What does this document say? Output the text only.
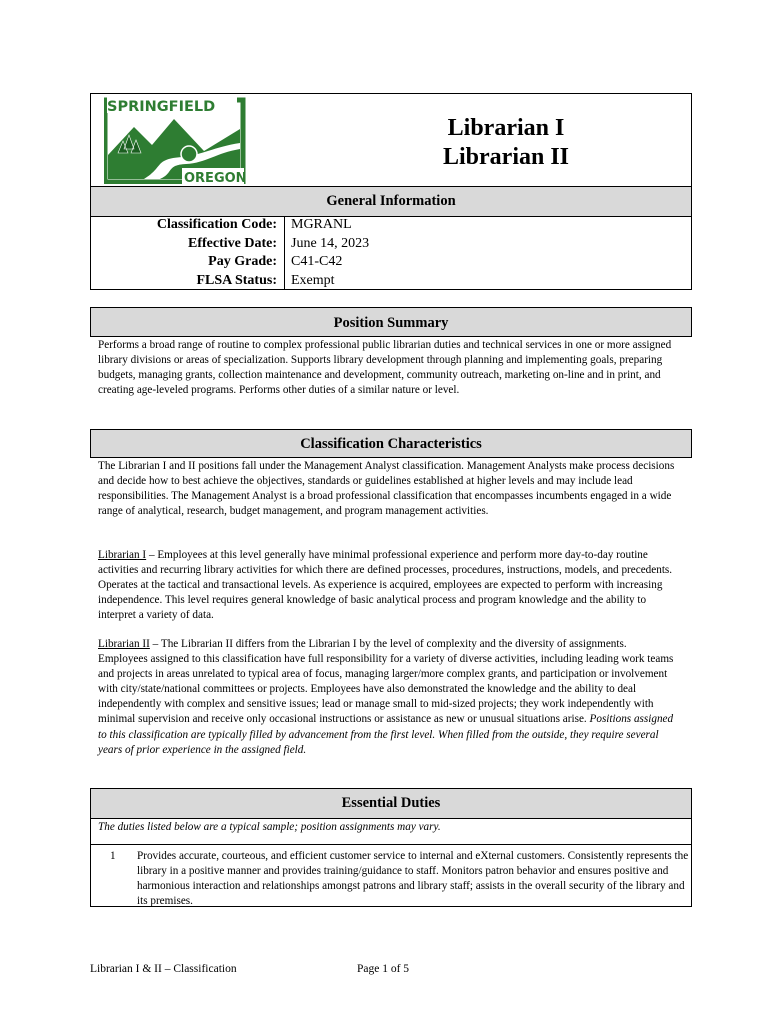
SPRINGFIELD
OREGON
Librarian I
Librarian II
General Information
Classification Code: MGRANL
Effective Date: June 14, 2023
Pay Grade: C41-C42
FLSA Status: Exempt
Position Summary
Performs a broad range of routine to complex professional public librarian duties and technical services in one or more assigned library divisions or areas of specialization. Supports library development through planning and implementing goals, preparing budgets, managing grants, collection maintenance and development, community outreach, marketing on-line and in print, and creating age-leveled programs. Performs other duties of a similar nature or level.
Classification Characteristics
The Librarian I and II positions fall under the Management Analyst classification. Management Analysts make process decisions and decide how to best achieve the objectives, standards or guidelines established at higher levels and may include lead responsibilities. The Management Analyst is a broad professional classification that encompasses incumbents engaged in a wide range of analytical, research, budget management, and program management activities.
Librarian I – Employees at this level generally have minimal professional experience and perform more day-to-day routine activities and recurring library activities for which there are defined processes, procedures, instructions, models, and precedents. Operates at the tactical and transactional levels. As experience is acquired, employees are expected to perform with increasing independence. This level requires general knowledge of basic analytical process and program knowledge and the ability to interpret a variety of data.
Librarian II – The Librarian II differs from the Librarian I by the level of complexity and the diversity of assignments. Employees assigned to this classification have full responsibility for a variety of diverse activities, including leading work teams and projects in areas unrelated to typical area of focus, managing larger/more complex grants, and participation or involvement with city/state/national committees or projects. Employees have also demonstrated the knowledge and the ability to deal independently with complex and sensitive issues; lead or manage small to mid-sized projects; they work independently with minimal supervision and receive only occasional instructions or assistance as new or unusual situations arise. Positions assigned to this classification are typically filled by advancement from the first level. When filled from the outside, they require several years of prior experience in the assigned field.
Essential Duties
The duties listed below are a typical sample; position assignments may vary.
1 Provides accurate, courteous, and efficient customer service to internal and eXternal customers. Consistently represents the library in a positive manner and provides training/guidance to staff. Monitors patron behavior and ensures positive and harmonious interaction and relationships amongst patrons and library staff; assists in the overall security of the library and its premises.
Librarian I & II – Classification	Page 1 of 5
